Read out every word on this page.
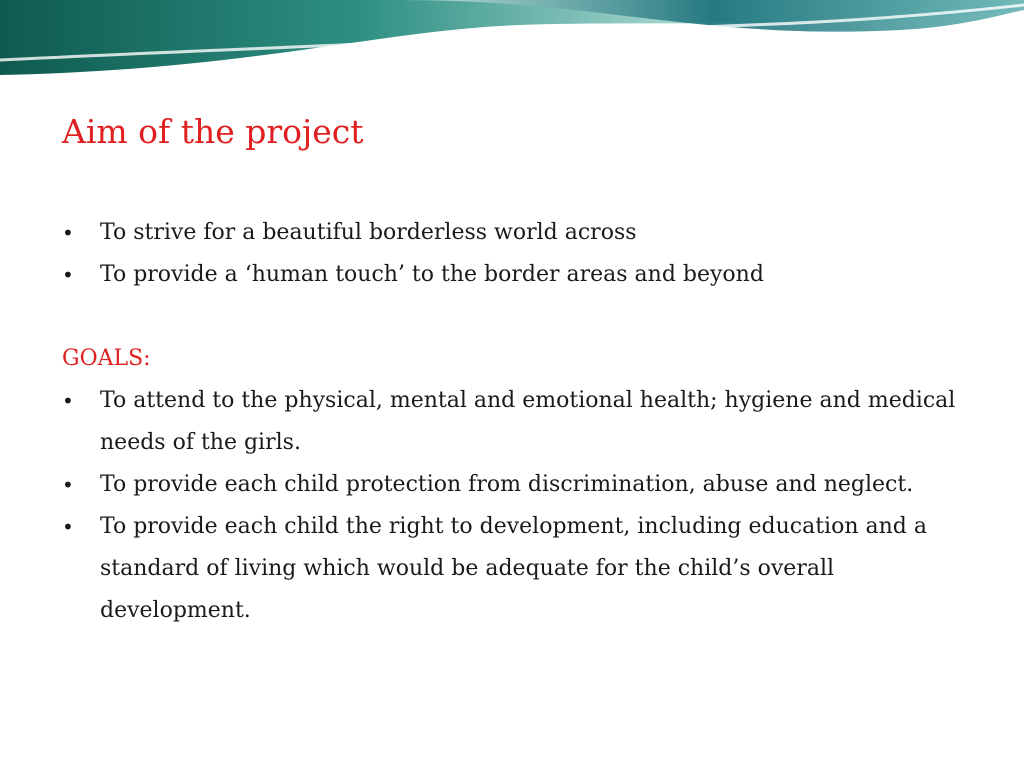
Aim of the project
•	To strive for a beautiful borderless world across
•	To provide a ‘human touch’ to the border areas and beyond
GOALS:
•	To attend to the physical, mental and emotional health; hygiene and medical needs of the girls.
•	To provide each child protection from discrimination, abuse and neglect.
•	To provide each child the right to development, including education and a standard of living which would be adequate for the child’s overall development.
